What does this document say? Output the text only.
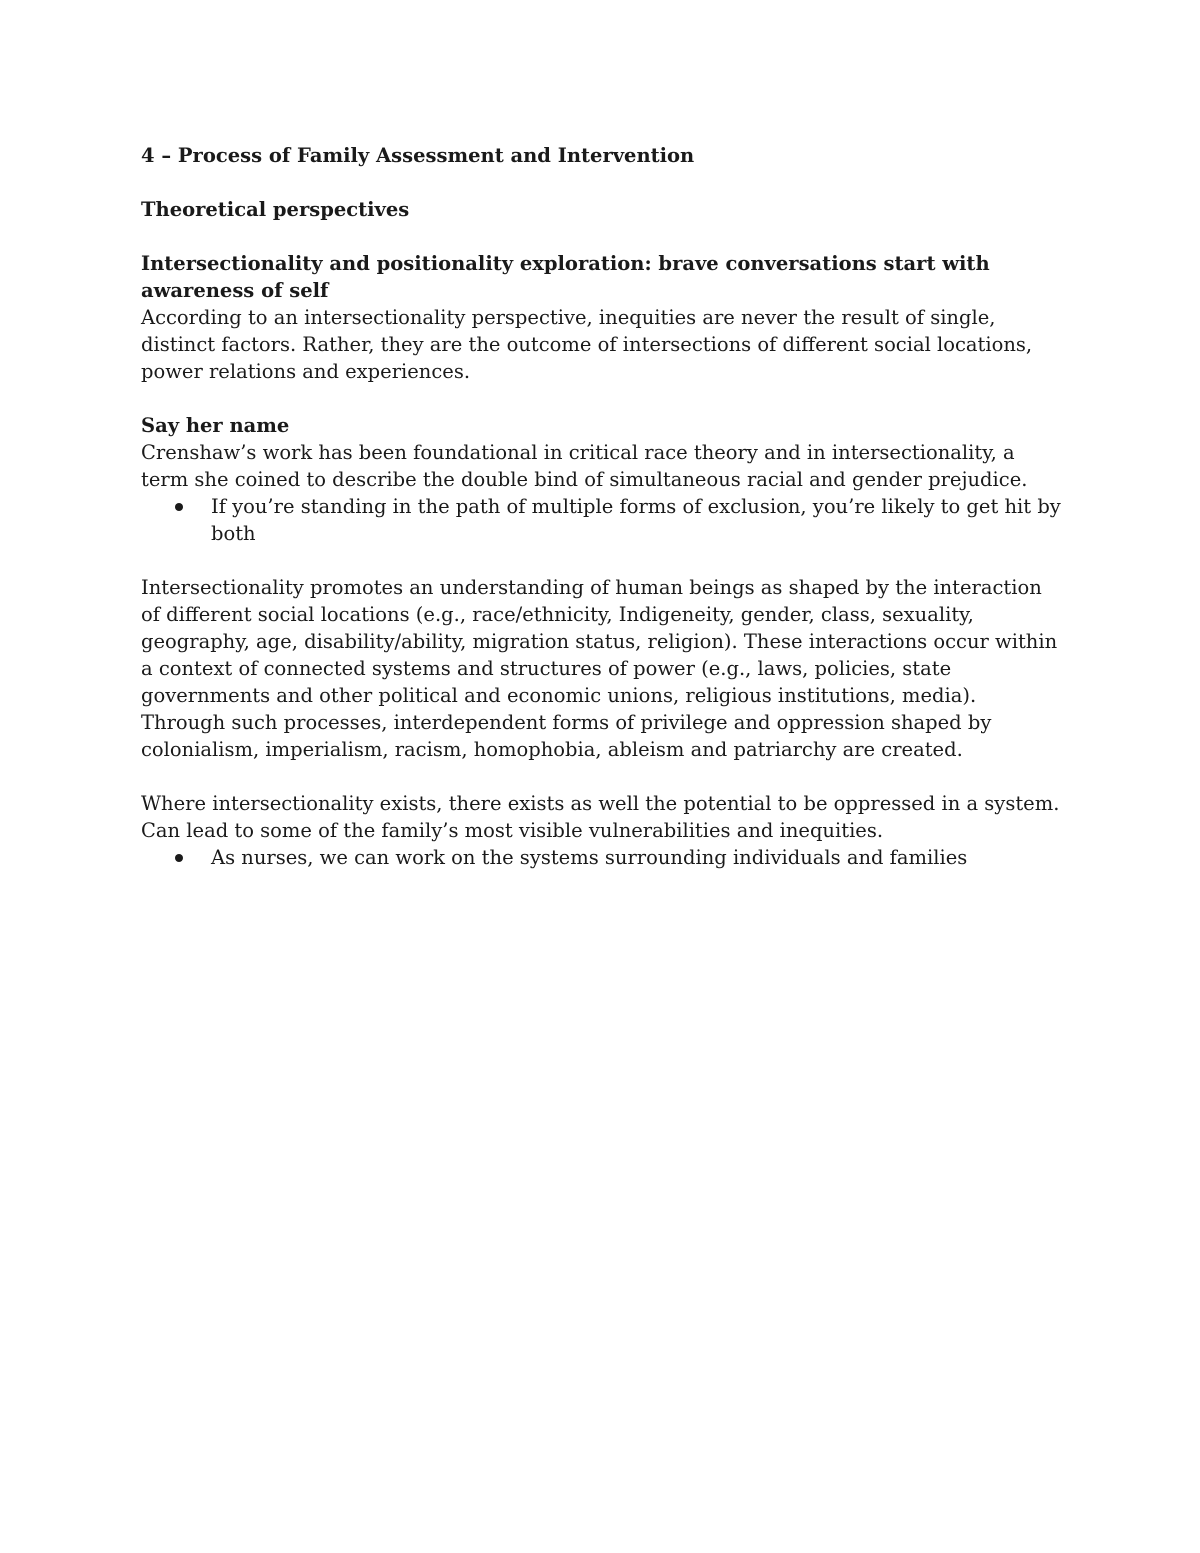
4 – Process of Family Assessment and Intervention

Theoretical perspectives

Intersectionality and positionality exploration: brave conversations start with awareness of self

According to an intersectionality perspective, inequities are never the result of single, distinct factors. Rather, they are the outcome of intersections of different social locations, power relations and experiences.

Say her name

Crenshaw’s work has been foundational in critical race theory and in intersectionality, a term she coined to describe the double bind of simultaneous racial and gender prejudice.

If you’re standing in the path of multiple forms of exclusion, you’re likely to get hit by both

Intersectionality promotes an understanding of human beings as shaped by the interaction of different social locations (e.g., race/ethnicity, Indigeneity, gender, class, sexuality, geography, age, disability/ability, migration status, religion). These interactions occur within a context of connected systems and structures of power (e.g., laws, policies, state governments and other political and economic unions, religious institutions, media). Through such processes, interdependent forms of privilege and oppression shaped by colonialism, imperialism, racism, homophobia, ableism and patriarchy are created.

Where intersectionality exists, there exists as well the potential to be oppressed in a system. Can lead to some of the family’s most visible vulnerabilities and inequities.

As nurses, we can work on the systems surrounding individuals and families
